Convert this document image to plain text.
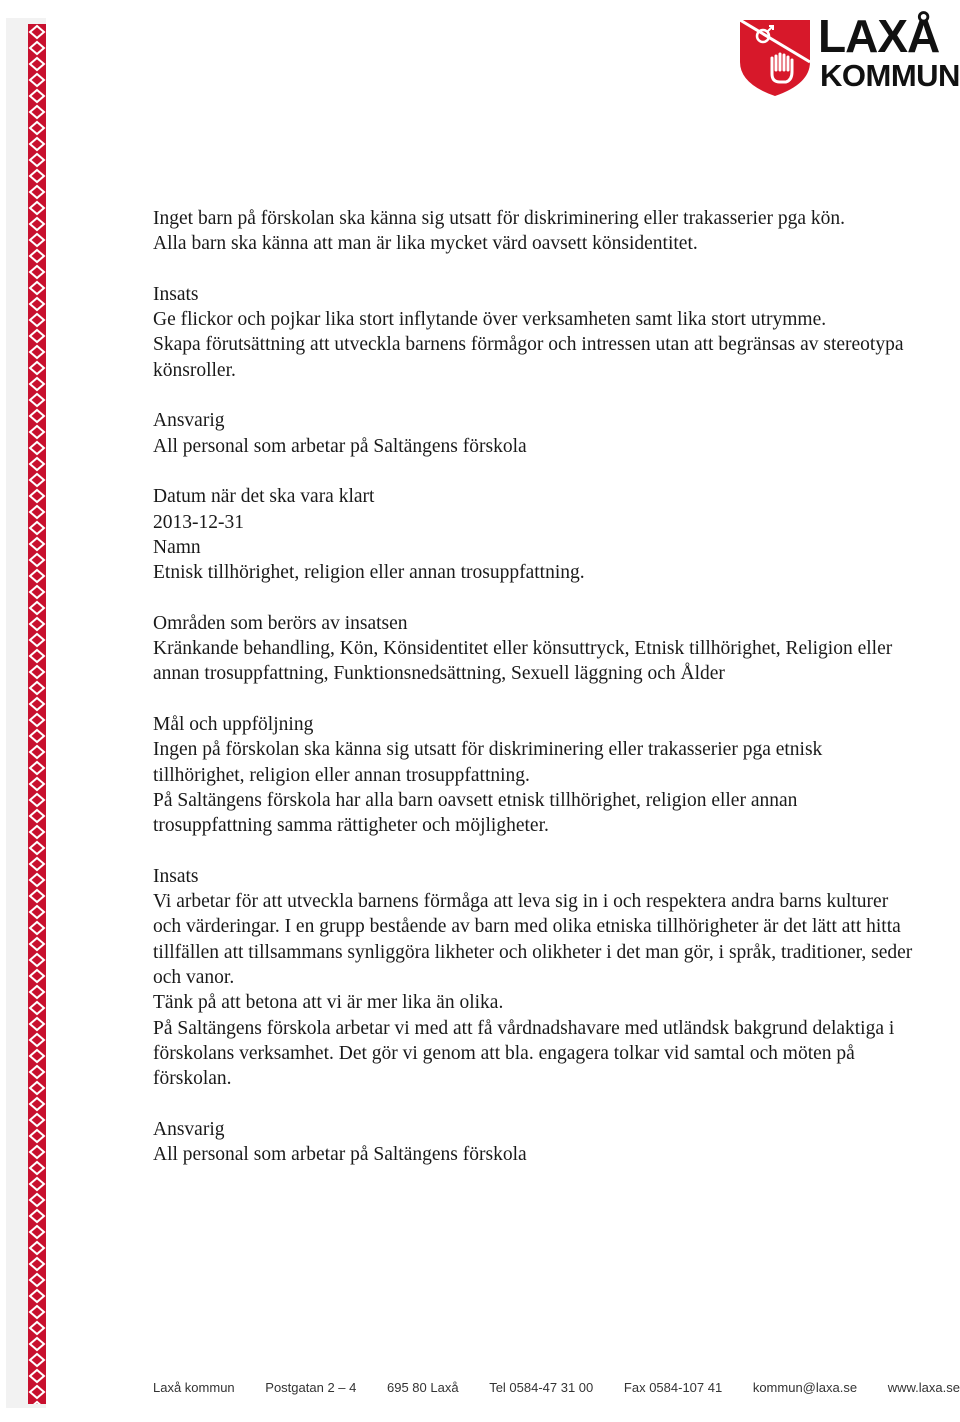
LAXÅ
KOMMUN

Inget barn på förskolan ska känna sig utsatt för diskriminering eller trakasserier pga kön.

Alla barn ska känna att man är lika mycket värd oavsett könsidentitet.

Insats

Ge flickor och pojkar lika stort inflytande över verksamheten samt lika stort utrymme.

Skapa förutsättning att utveckla barnens förmågor och intressen utan att begränsas av stereotypa könsroller.

Ansvarig

All personal som arbetar på Saltängens förskola

Datum när det ska vara klart

2013-12-31

Namn

Etnisk tillhörighet, religion eller annan trosuppfattning.

Områden som berörs av insatsen

Kränkande behandling, Kön, Könsidentitet eller könsuttryck, Etnisk tillhörighet, Religion eller annan trosuppfattning, Funktionsnedsättning, Sexuell läggning och Ålder

Mål och uppföljning

Ingen på förskolan ska känna sig utsatt för diskriminering eller trakasserier pga etnisk tillhörighet, religion eller annan trosuppfattning.

På Saltängens förskola har alla barn oavsett etnisk tillhörighet, religion eller annan trosuppfattning samma rättigheter och möjligheter.

Insats

Vi arbetar för att utveckla barnens förmåga att leva sig in i och respektera andra barns kulturer och värderingar. I en grupp bestående av barn med olika etniska tillhörigheter är det lätt att hitta tillfällen att tillsammans synliggöra likheter och olikheter i det man gör, i språk, traditioner, seder och vanor.

Tänk på att betona att vi är mer lika än olika.

På Saltängens förskola arbetar vi med att få vårdnadshavare med utländsk bakgrund delaktiga i förskolans verksamhet. Det gör vi genom att bla. engagera tolkar vid samtal och möten på förskolan.

Ansvarig

All personal som arbetar på Saltängens förskola

Laxå kommun Postgatan 2 – 4 695 80 Laxå Tel 0584-47 31 00 Fax 0584-107 41 kommun@laxa.se www.laxa.se
